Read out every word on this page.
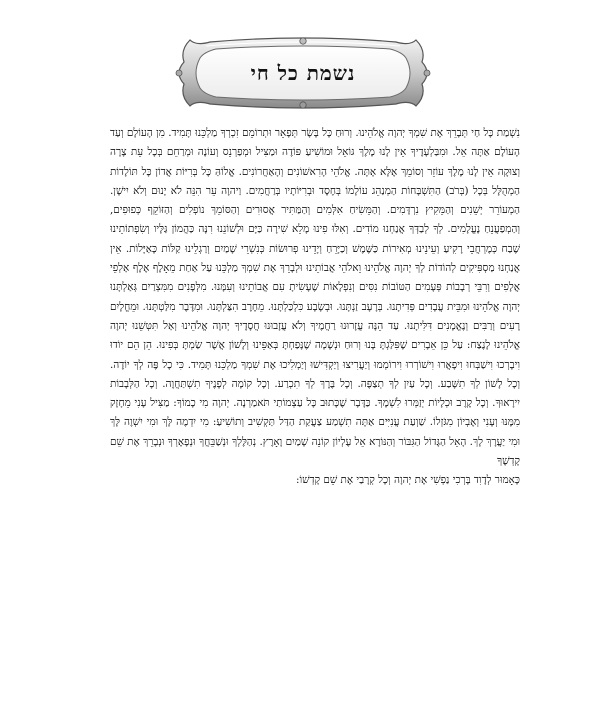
נשמת כל חי
נִשְׁמַת כָּל חַי תְּבָרֵךְ אֶת שִׁמְךָ יְהוָה אֱלֹהֵינוּ. וְרוּחַ כָּל בָּשָׂר תְּפָאֵר וּתְרוֹמֵם זִכְרְךָ מַלְכֵּנוּ תָּמִיד. מִן הָעוֹלָם וְעַד הָעוֹלָם אַתָּה אֵל. וּמִבַּלְעָדֶיךָ אֵין לָנוּ מֶלֶךְ גּוֹאֵל וּמוֹשִׁיעַ פּוֹדֶה וּמַצִּיל וּמְפַרְנֵס וְעוֹנֶה וּמְרַחֵם בְּכָל עֵת צָרָה וְצוּקָה אֵין לָנוּ מֶלֶךְ עוֹזֵר וְסוֹמֵךְ אֶלָּא אָתָּה. אֱלֹהֵי הָרִאשׁוֹנִים וְהָאַחֲרוֹנִים. אֱלוֹהַּ כָּל בְּרִיּוֹת אֲדוֹן כָּל תּוֹלָדוֹת הַמְהֻלָּל בְּכָל (בְּרֹב) הַתִּשְׁבָּחוֹת הַמְנַהֵג עוֹלָמוֹ בְּחֶסֶד וּבְרִיּוֹתָיו בְּרַחֲמִים. וַיהוָה עֵר הִנֵּה לֹא יָנוּם וְלֹא יִישָׁן. הַמְעוֹרֵר יְשֵׁנִים וְהַמֵּקִיץ נִרְדָּמִים. וְהַמֵּשִׂיחַ אִלְּמִים וְהַמַּתִּיר אֲסוּרִים וְהַסּוֹמֵךְ נוֹפְלִים וְהַזּוֹקֵף כְּפוּפִים, וְהַמְפַעֲנֵחַ נֶעֱלָמִים. לְךָ לְבַדְּךָ אֲנַחְנוּ מוֹדִים. וְאִלּוּ פִינוּ מָלֵא שִׁירָה כַּיָּם וּלְשׁוֹנֵנוּ רִנָּה כַּהֲמוֹן גַּלָּיו וְשִׂפְתוֹתֵינוּ שֶׁבַח כְּמֶרְחֲבֵי רָקִיעַ וְעֵינֵינוּ מְאִירוֹת כַּשֶּׁמֶשׁ וְכַיָּרֵחַ וְיָדֵינוּ פְרוּשׂוֹת כְּנִשְׁרֵי שָׁמַיִם וְרַגְלֵינוּ קַלּוֹת כָּאַיָּלוֹת. אֵין אֲנַחְנוּ מַסְפִּיקִים לְהוֹדוֹת לְךָ יְהוָה אֱלֹהֵינוּ וֵאלֹהֵי אֲבוֹתֵינוּ וּלְבָרֵךְ אֶת שִׁמְךָ מַלְכֵּנוּ עַל אַחַת מֵאָלֶף אֶלֶף אַלְפֵי אֲלָפִים וְרִבֵּי רְבָבוֹת פְּעָמִים הַטּוֹבוֹת נִסִּים וְנִפְלָאוֹת שֶׁעָשִׂיתָ עִם אֲבוֹתֵינוּ וְעִמָּנוּ. מִלְּפָנִים מִמִּצְרַיִם גְּאַלְתָּנוּ יְהוָה אֱלֹהֵינוּ וּמִבֵּית עֲבָדִים פְּדִיתָנוּ. בְּרָעָב זַנְתָּנוּ. וּבְשָׂבָע כִּלְכַּלְתָּנוּ. מֵחֶרֶב הִצַּלְתָּנוּ. וּמִדֶּבֶר מִלַּטְתָּנוּ. וּמֵחֳלָיִם רָעִים וְרַבִּים וְנֶאֱמָנִים דִּלִּיתָנוּ. עַד הֵנָּה עֲזָרוּנוּ רַחֲמֶיךָ וְלֹא עֲזָבוּנוּ חֲסָדֶיךָ יְהוָה אֱלֹהֵינוּ וְאַל תִּטְּשֵׁנוּ יְהוָה אֱלֹהֵינוּ לָנֶצַח: עַל כֵּן אֵבָרִים שֶׁפִּלַּגְתָּ בָּנוּ וְרוּחַ וּנְשָׁמָה שֶׁנָּפַחְתָּ בְּאַפֵּינוּ וְלָשׁוֹן אֲשֶׁר שַׂמְתָּ בְּפִינוּ. הֵן הֵם יוֹדוּ וִיבָרְכוּ וִישַׁבְּחוּ וִיפָאֲרוּ וִישׁוֹרְרוּ וִירוֹמְמוּ וְיַעֲרִיצוּ וְיַקְדִּישׁוּ וְיַמְלִיכוּ אֶת שִׁמְךָ מַלְכֵּנוּ תָּמִיד. כִּי כָל פֶּה לְךָ יוֹדֶה. וְכָל לָשׁוֹן לְךָ תִשָּׁבַע. וְכָל עַיִן לְךָ תְצַפֶּה. וְכָל בֶּרֶךְ לְךָ תִכְרַע. וְכָל קוֹמָה לְפָנֶיךָ תִשְׁתַּחֲוֶה. וְכָל הַלְּבָבוֹת יִירָאוּךָ. וְכָל קֶרֶב וּכְלָיוֹת יְזַמְּרוּ לִשְׁמֶךָ. כַּדָּבָר שֶׁכָּתוּב כָּל עַצְמוֹתַי תֹּאמַרְנָה. יְהוָה מִי כָמוֹךָ: מַצִּיל עָנִי מֵחָזָק מִמֶּנּוּ וְעָנִי וְאֶבְיוֹן מִגֹּזְלוֹ. שַׁוְעַת עֲנִיִּים אַתָּה תִשְׁמַע צַעֲקַת הַדַּל תַּקְשִׁיב וְתוֹשִׁיעַ: מִי יִדְמֶה לָּךְ וּמִי יִשְׁוֶה לָּךְ וּמִי יַעֲרָךְ לָךְ. הָאֵל הַגָּדוֹל הַגִּבּוֹר וְהַנּוֹרָא אֵל עֶלְיוֹן קוֹנֵה שָׁמַיִם וָאָרֶץ. נְהַלֶּלְךָ וּנְשַׁבֵּחֲךָ וּנְפָאֶרְךָ וּנְבָרֵךְ אֶת שֵׁם קָדְשֶׁךָ
כָּאָמוּר לְדָוִד בָּרְכִי נַפְשִׁי אֶת יְהוָה וְכָל קְרָבַי אֶת שֵׁם קָדְשׁוֹ:
